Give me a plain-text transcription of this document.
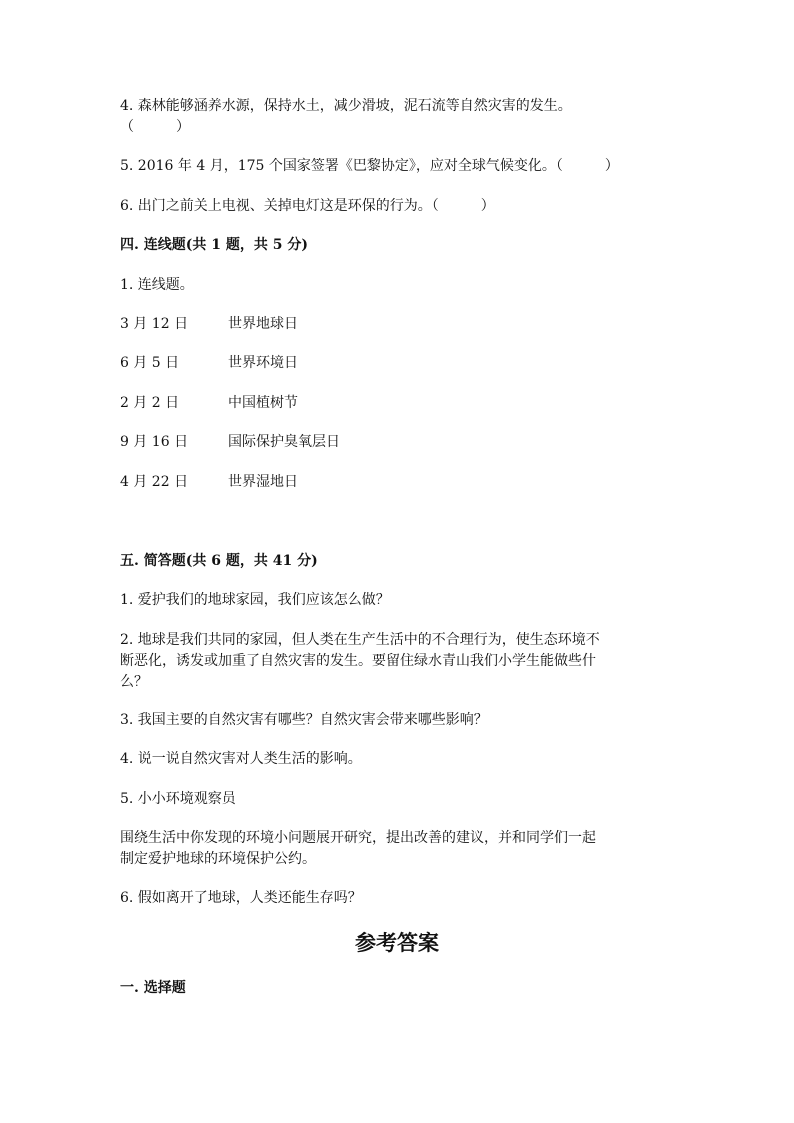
4. 森林能够涵养水源，保持水土，减少滑坡，泥石流等自然灾害的发生。
（　　　）
5. 2016 年 4 月，175 个国家签署《巴黎协定》，应对全球气候变化。（　　　）
6. 出门之前关上电视、关掉电灯这是环保的行为。（　　　）
四. 连线题(共 1 题，共 5 分)
1. 连线题。
3 月 12 日	世界地球日
6 月 5 日	世界环境日
2 月 2 日	中国植树节
9 月 16 日	国际保护臭氧层日
4 月 22 日	世界湿地日
五. 简答题(共 6 题，共 41 分)
1. 爱护我们的地球家园，我们应该怎么做？
2. 地球是我们共同的家园，但人类在生产生活中的不合理行为，使生态环境不
断恶化，诱发或加重了自然灾害的发生。要留住绿水青山我们小学生能做些什
么？
3. 我国主要的自然灾害有哪些？自然灾害会带来哪些影响？
4. 说一说自然灾害对人类生活的影响。
5. 小小环境观察员
围绕生活中你发现的环境小问题展开研究，提出改善的建议，并和同学们一起
制定爱护地球的环境保护公约。
6. 假如离开了地球，人类还能生存吗？
参考答案
一. 选择题
